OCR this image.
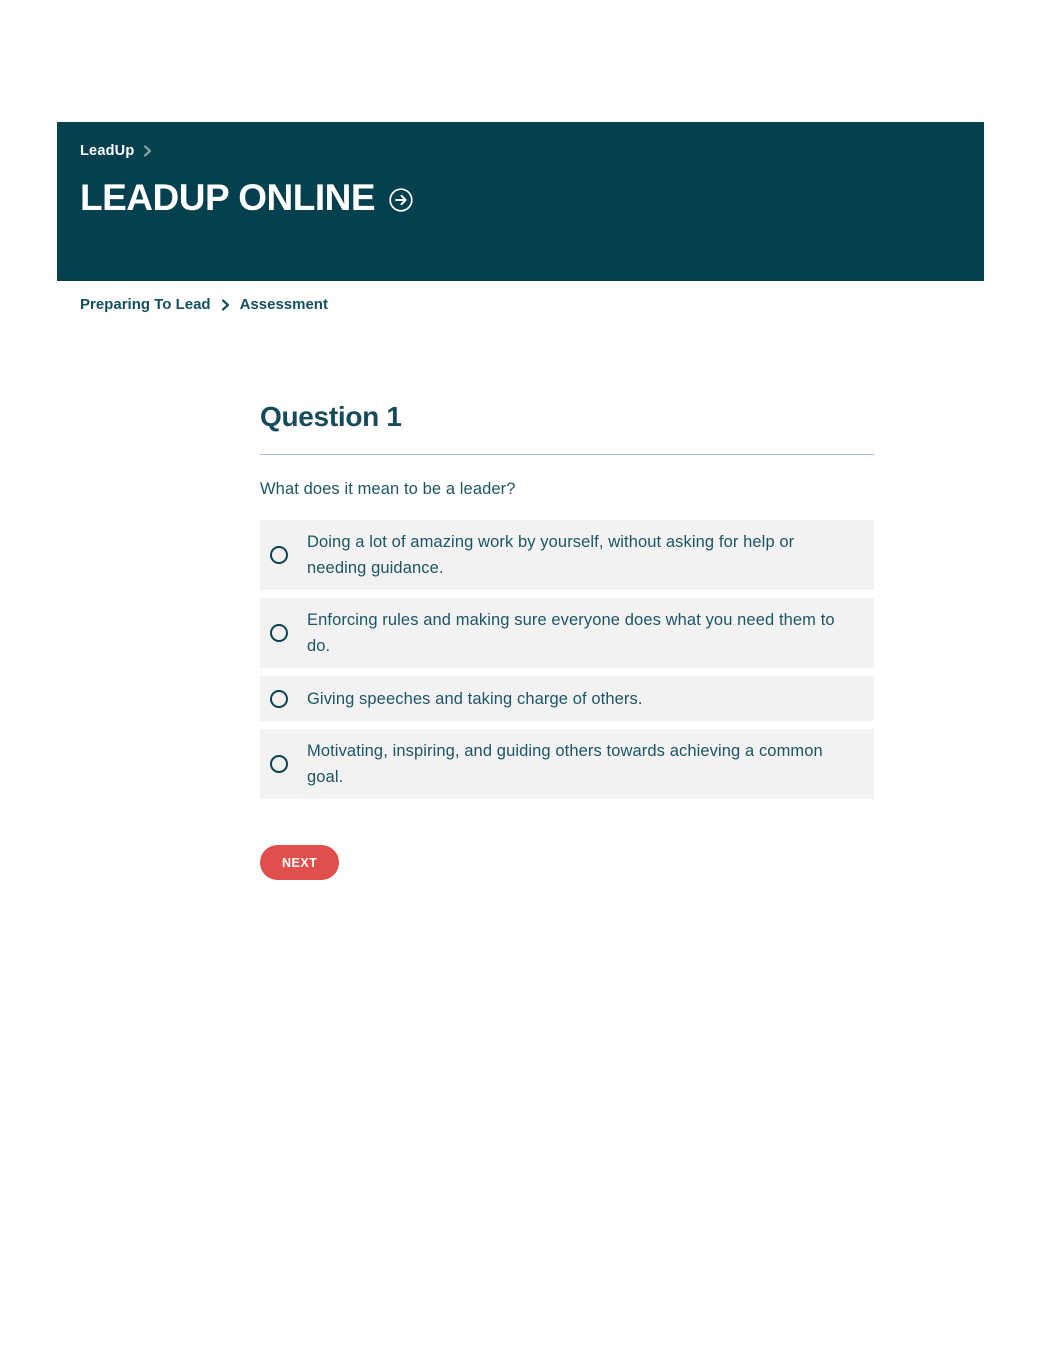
LeadUp
LEADUP ONLINE
Preparing To Lead Assessment
Question 1

What does it mean to be a leader?

Doing a lot of amazing work by yourself, without asking for help or needing guidance.
Enforcing rules and making sure everyone does what you need them to do.
Giving speeches and taking charge of others.
Motivating, inspiring, and guiding others towards achieving a common goal.
NEXT
